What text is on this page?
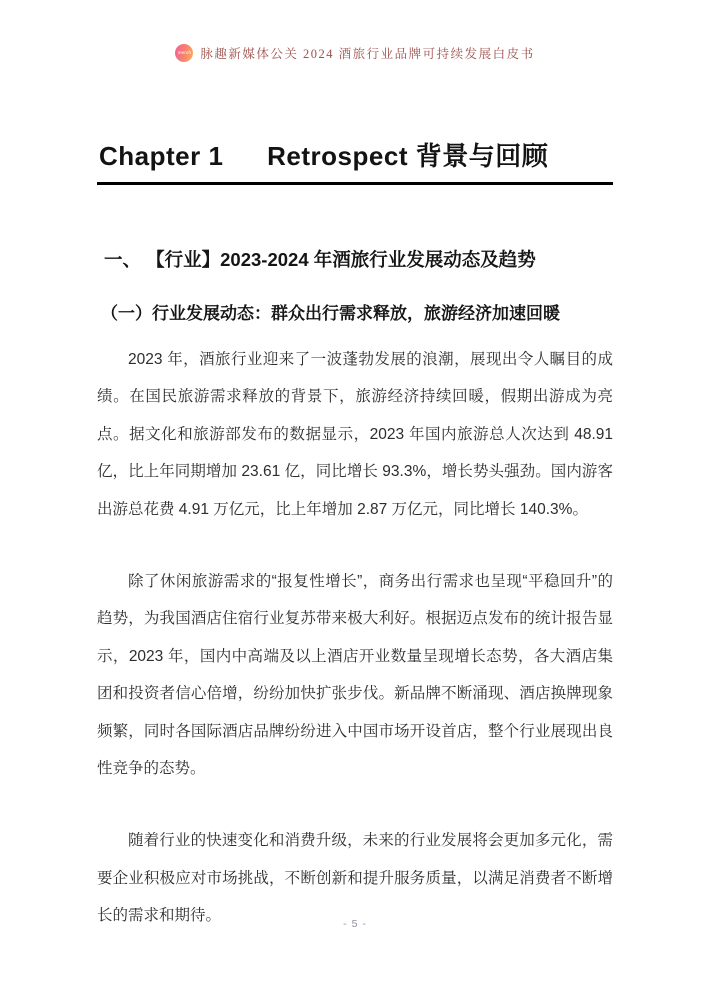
merch 脉趣新媒体公关 2024 酒旅行业品牌可持续发展白皮书
Chapter 1 Retrospect 背景与回顾
一、 【行业】2023-2024 年酒旅行业发展动态及趋势
（一）行业发展动态：群众出行需求释放，旅游经济加速回暖

2023 年，酒旅行业迎来了一波蓬勃发展的浪潮，展现出令人瞩目的成绩。在国民旅游需求释放的背景下，旅游经济持续回暖，假期出游成为亮点。据文化和旅游部发布的数据显示，2023 年国内旅游总人次达到 48.91 亿，比上年同期增加 23.61 亿，同比增长 93.3%，增长势头强劲。国内游客出游总花费 4.91 万亿元，比上年增加 2.87 万亿元，同比增长 140.3%。

除了休闲旅游需求的“报复性增长”，商务出行需求也呈现“平稳回升”的趋势，为我国酒店住宿行业复苏带来极大利好。根据迈点发布的统计报告显示，2023 年，国内中高端及以上酒店开业数量呈现增长态势，各大酒店集团和投资者信心倍增，纷纷加快扩张步伐。新品牌不断涌现、酒店换牌现象频繁，同时各国际酒店品牌纷纷进入中国市场开设首店，整个行业展现出良性竞争的态势。

随着行业的快速变化和消费升级，未来的行业发展将会更加多元化，需要企业积极应对市场挑战，不断创新和提升服务质量，以满足消费者不断增长的需求和期待。	- 5 -
